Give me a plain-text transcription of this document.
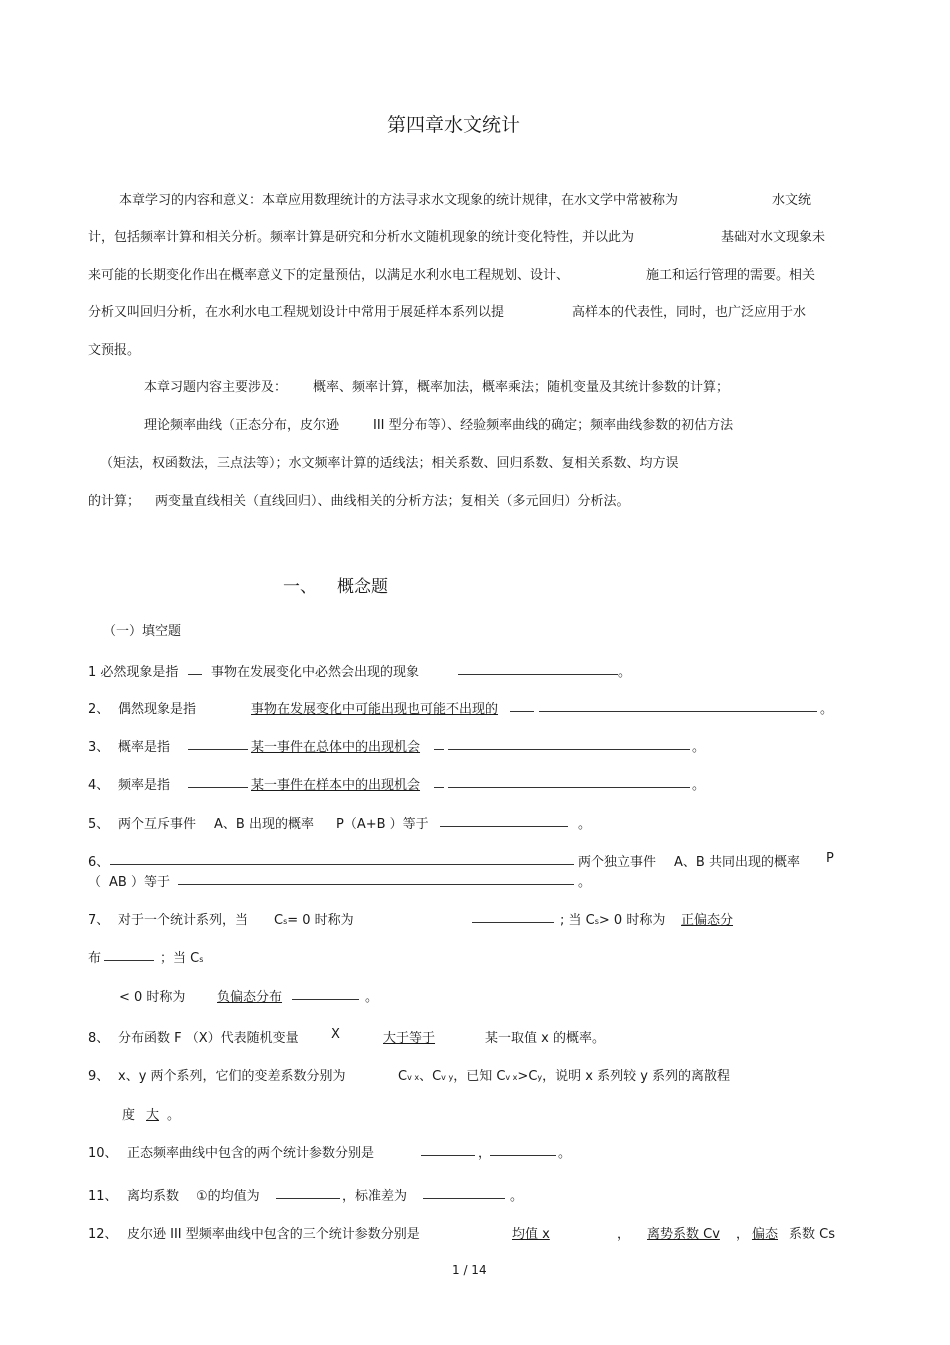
第四章水文统计
本章学习的内容和意义：本章应用数理统计的方法寻求水文现象的统计规律，在水文学中常被称为	水文统
计，包括频率计算和相关分析。频率计算是研究和分析水文随机现象的统计变化特性，并以此为	基础对水文现象未
来可能的长期变化作出在概率意义下的定量预估，以满足水利水电工程规划、设计、	施工和运行管理的需要。相关
分析又叫回归分析，在水利水电工程规划设计中常用于展延样本系列以提	高样本的代表性，同时，也广泛应用于水
文预报。
本章习题内容主要涉及： 概率、频率计算，概率加法，概率乘法；随机变量及其统计参数的计算；
理论频率曲线（正态分布，皮尔逊	III 型分布等）、经验频率曲线的确定；频率曲线参数的初估方法
（矩法，权函数法，三点法等）；水文频率计算的适线法；相关系数、回归系数、复相关系数、均方误
的计算； 两变量直线相关（直线回归）、曲线相关的分析方法；复相关（多元回归）分析法。
一、 概念题
（一）填空题
1 必然现象是指	事物在发展变化中必然会出现的现象	。
2、 偶然现象是指	事物在发展变化中可能出现也可能不出现的	。
3、 概率是指	某一事件在总体中的出现机会	。
4、 频率是指	某一事件在样本中的出现机会	。
5、 两个互斥事件 A、B 出现的概率 P（A+B ）等于	。
6、	两个独立事件 A、B 共同出现的概率 P
（ AB ）等于	。
7、 对于一个统计系列，当 Cs= 0 时称为	; 当 Cs> 0 时称为 正偏态分
布	；当 Cs
< 0 时称为 负偏态分布	。
8、 分布函数 F （X）代表随机变量 X	大于等于	某一取值 x 的概率。
9、 x、y 两个系列，它们的变差系数分别为	Cv x、Cv y，已知 Cv x>Cy，说明 x 系列较 y 系列的离散程
度 大 。
10、 正态频率曲线中包含的两个统计参数分别是	，	。
11、 离均系数 ①的均值为	，标准差为	。
12、 皮尔逊 III 型频率曲线中包含的三个统计参数分别是	均值 x	， 离势系数 Cv ， 偏态 系数 Cs
1 / 14
